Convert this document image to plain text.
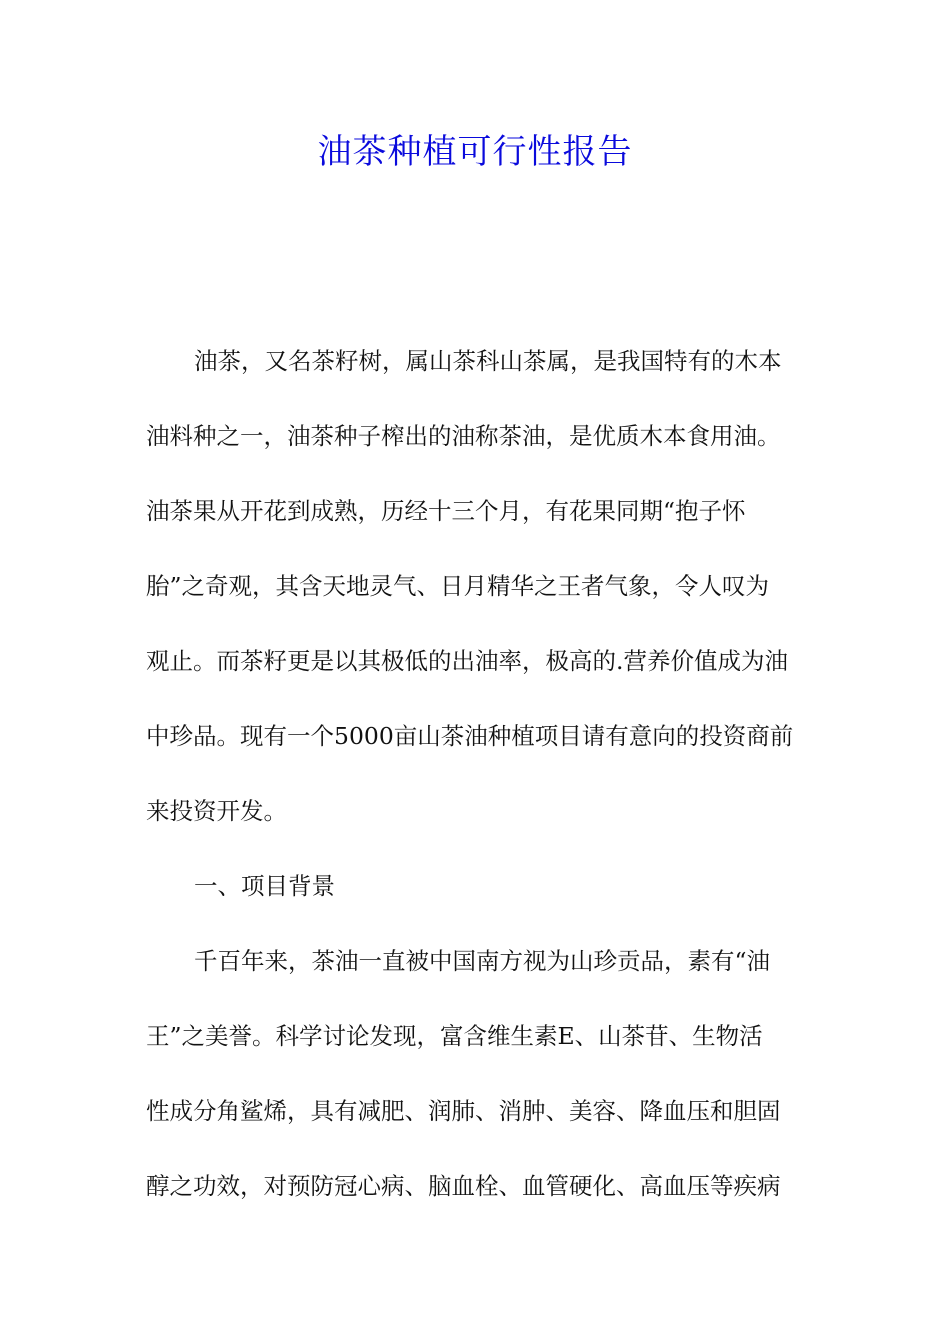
油茶种植可行性报告
油茶，又名茶籽树，属山茶科山茶属，是我国特有的木本
油料种之一，油茶种子榨出的油称茶油，是优质木本食用油。
油茶果从开花到成熟，历经十三个月，有花果同期“抱子怀
胎”之奇观，其含天地灵气、日月精华之王者气象，令人叹为
观止。而茶籽更是以其极低的出油率，极高的.营养价值成为油
中珍品。现有一个5000亩山茶油种植项目请有意向的投资商前
来投资开发。
一、项目背景
千百年来，茶油一直被中国南方视为山珍贡品，素有“油
王”之美誉。科学讨论发现，富含维生素E、山茶苷、生物活
性成分角鲨烯，具有减肥、润肺、消肿、美容、降血压和胆固
醇之功效，对预防冠心病、脑血栓、血管硬化、高血压等疾病
